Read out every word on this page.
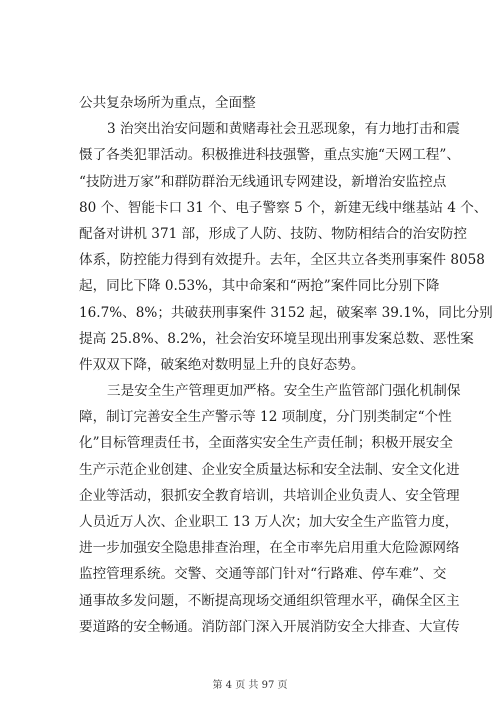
公共复杂场所为重点，全面整
3 治突出治安问题和黄赌毒社会丑恶现象，有力地打击和震
慑了各类犯罪活动。积极推进科技强警，重点实施“天网工程”、
“技防进万家”和群防群治无线通讯专网建设，新增治安监控点
80 个、智能卡口 31 个、电子警察 5 个，新建无线中继基站 4 个、
配备对讲机 371 部，形成了人防、技防、物防相结合的治安防控
体系，防控能力得到有效提升。去年，全区共立各类刑事案件 8058
起，同比下降 0.53%，其中命案和“两抢”案件同比分别下降
16.7%、8%；共破获刑事案件 3152 起，破案率 39.1%，同比分别
提高 25.8%、8.2%，社会治安环境呈现出刑事发案总数、恶性案
件双双下降，破案绝对数明显上升的良好态势。
三是安全生产管理更加严格。安全生产监管部门强化机制保
障，制订完善安全生产警示等 12 项制度，分门别类制定“个性
化”目标管理责任书，全面落实安全生产责任制；积极开展安全
生产示范企业创建、企业安全质量达标和安全法制、安全文化进
企业等活动，狠抓安全教育培训，共培训企业负责人、安全管理
人员近万人次、企业职工 13 万人次；加大安全生产监管力度，
进一步加强安全隐患排查治理，在全市率先启用重大危险源网络
监控管理系统。交警、交通等部门针对“行路难、停车难”、交
通事故多发问题，不断提高现场交通组织管理水平，确保全区主
要道路的安全畅通。消防部门深入开展消防安全大排查、大宣传
第 4 页 共 97 页
